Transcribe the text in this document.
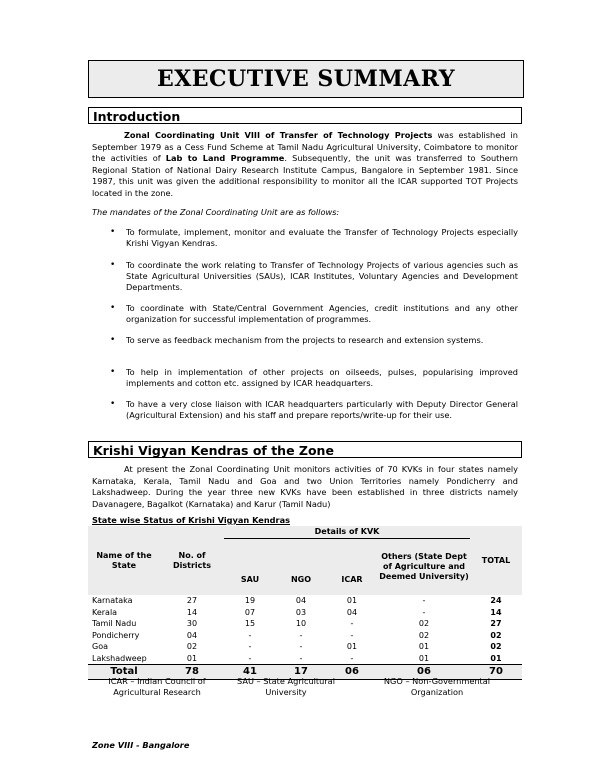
EXECUTIVE SUMMARY
Introduction
Zonal Coordinating Unit VIII of Transfer of Technology Projects was established in September 1979 as a Cess Fund Scheme at Tamil Nadu Agricultural University, Coimbatore to monitor the activities of Lab to Land Programme. Subsequently, the unit was transferred to Southern Regional Station of National Dairy Research Institute Campus, Bangalore in September 1981. Since 1987, this unit was given the additional responsibility to monitor all the ICAR supported TOT Projects located in the zone.
The mandates of the Zonal Coordinating Unit are as follows:
• To formulate, implement, monitor and evaluate the Transfer of Technology Projects especially Krishi Vigyan Kendras.
• To coordinate the work relating to Transfer of Technology Projects of various agencies such as State Agricultural Universities (SAUs), ICAR Institutes, Voluntary Agencies and Development Departments.
• To coordinate with State/Central Government Agencies, credit institutions and any other organization for successful implementation of programmes.
• To serve as feedback mechanism from the projects to research and extension systems.
• To help in implementation of other projects on oilseeds, pulses, popularising improved implements and cotton etc. assigned by ICAR headquarters.
• To have a very close liaison with ICAR headquarters particularly with Deputy Director General (Agricultural Extension) and his staff and prepare reports/write-up for their use.
Krishi Vigyan Kendras of the Zone
At present the Zonal Coordinating Unit monitors activities of 70 KVKs in four states namely Karnataka, Kerala, Tamil Nadu and Goa and two Union Territories namely Pondicherry and Lakshadweep. During the year three new KVKs have been established in three districts namely Davanagere, Bagalkot (Karnataka) and Karur (Tamil Nadu)
State wise Status of Krishi Vigyan Kendras
Name of the State	No. of Districts	Details of KVK				TOTAL
		SAU	NGO	ICAR	Others (State Dept of Agriculture and Deemed University)	
Karnataka	27	19	04	01	-	24
Kerala	14	07	03	04	-	14
Tamil Nadu	30	15	10	-	02	27
Pondicherry	04	-	-	-	02	02
Goa	02	-	-	01	01	02
Lakshadweep	01	-	-	-	01	01
Total	78	41	17	06	06	70
ICAR – Indian Council of Agricultural Research
SAU – State Agricultural University
NGO – Non-Governmental Organization
Zone VIII - Bangalore
